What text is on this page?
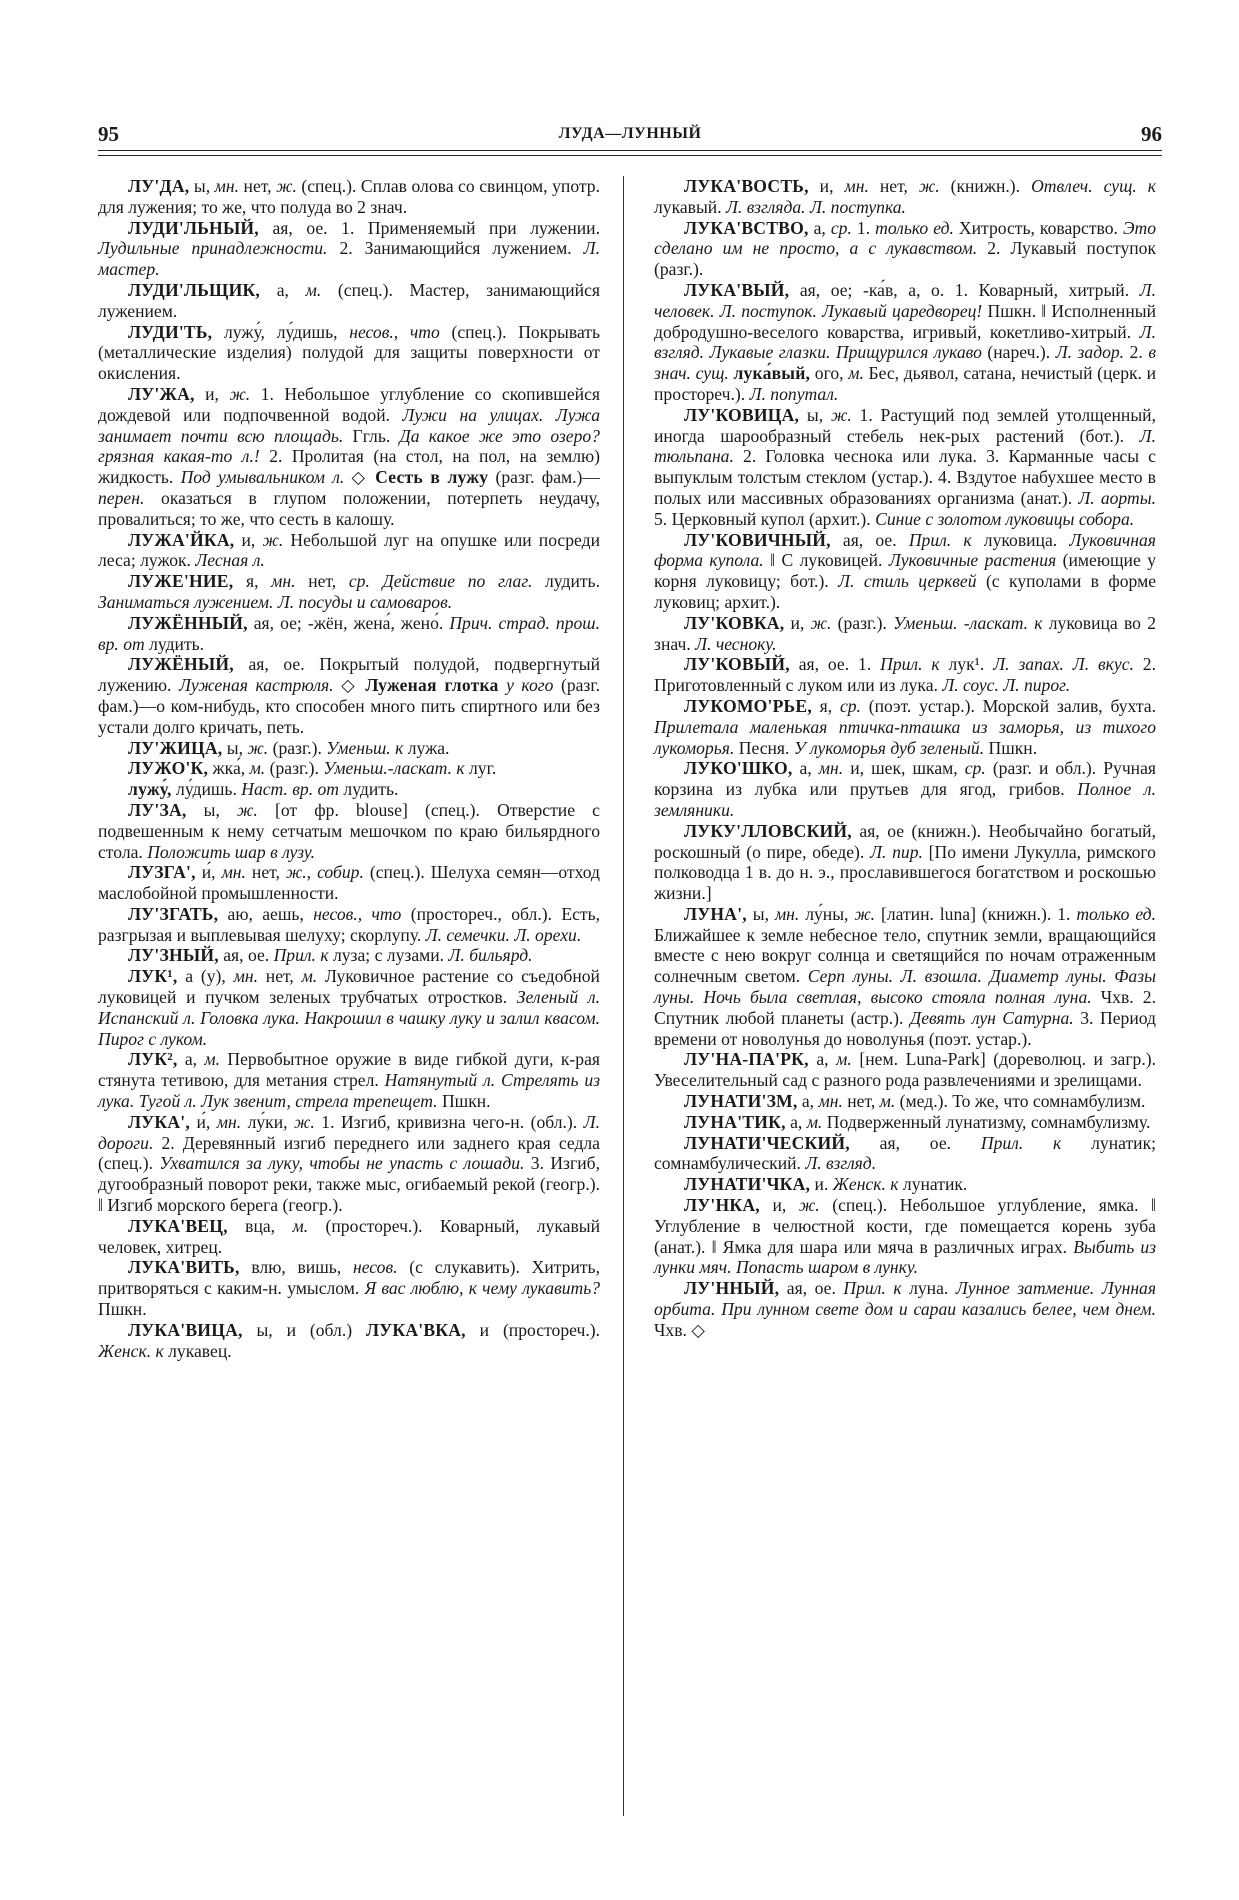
95	ЛУДА—ЛУННЫЙ	96

ЛУ'ДА, ы, мн. нет, ж. (спец.). Сплав олова со свинцом, употр. для лужения; то же, что полуда во 2 знач.

ЛУДИ'ЛЬНЫЙ, ая, ое. 1. Применяемый при лужении. Лудильные принадлежности. 2. Занимающийся лужением. Л. мастер.

ЛУДИ'ЛЬЩИК, а, м. (спец.). Мастер, занимающийся лужением.

ЛУДИ'ТЬ, лужу́, лу́дишь, несов., что (спец.). Покрывать (металлические изделия) полудой для защиты поверхности от окисления.

ЛУ'ЖА, и, ж. 1. Небольшое углубление со скопившейся дождевой или подпочвенной водой. Лужи на улицах. Лужа занимает почти всю площадь. Ггль. Да какое же это озеро? грязная какая-то л.! 2. Пролитая (на стол, на пол, на землю) жидкость. Под умывальником л. ◇ Сесть в лужу (разг. фам.)—перен. оказаться в глупом положении, потерпеть неудачу, провалиться; то же, что сесть в калошу.

ЛУЖА'ЙКА, и, ж. Небольшой луг на опушке или посреди леса; лужок. Лесная л.

ЛУЖЕ'НИЕ, я, мн. нет, ср. Действие по глаг. лудить. Заниматься лужением. Л. посуды и самоваров.

ЛУЖЁННЫЙ, ая, ое; -жён, жена́, жено́. Прич. страд. прош. вр. от лудить.

ЛУЖЁНЫЙ, ая, ое. Покрытый полудой, подвергнутый лужению. Луженая кастрюля. ◇ Луженая глотка у кого (разг. фам.)—о ком-нибудь, кто способен много пить спиртного или без устали долго кричать, петь.

ЛУ'ЖИЦА, ы, ж. (разг.). Уменьш. к лужа.

ЛУЖО'К, жка́, м. (разг.). Уменьш.-ласкат. к луг.

лужу́, лу́дишь. Наст. вр. от лудить.

ЛУ'ЗА, ы, ж. [от фр. blouse] (спец.). Отверстие с подвешенным к нему сетчатым мешочком по краю бильярдного стола. Положить шар в лузу.

ЛУЗГА', и́, мн. нет, ж., собир. (спец.). Шелуха семян—отход маслобойной промышленности.

ЛУ'ЗГАТЬ, аю, аешь, несов., что (простореч., обл.). Есть, разгрызая и выплевывая шелуху; скорлупу. Л. семечки. Л. орехи.

ЛУ'ЗНЫЙ, ая, ое. Прил. к луза; с лузами. Л. бильярд.

ЛУК¹, а (у), мн. нет, м. Луковичное растение со съедобной луковицей и пучком зеленых трубчатых отростков. Зеленый л. Испанский л. Головка лука. Накрошил в чашку луку и залил квасом. Пирог с луком.

ЛУК², а, м. Первобытное оружие в виде гибкой дуги, к-рая стянута тетивою, для метания стрел. Натянутый л. Стрелять из лука. Тугой л. Лук звенит, стрела трепещет. Пшкн.

ЛУКА', и́, мн. лу́ки, ж. 1. Изгиб, кривизна чего-н. (обл.). Л. дороги. 2. Деревянный изгиб переднего или заднего края седла (спец.). Ухватился за луку, чтобы не упасть с лошади. 3. Изгиб, дугообразный поворот реки, также мыс, огибаемый рекой (геогр.). ‖ Изгиб морского берега (геогр.).

ЛУКА'ВЕЦ, вца, м. (простореч.). Коварный, лукавый человек, хитрец.

ЛУКА'ВИТЬ, влю, вишь, несов. (с слукавить). Хитрить, притворяться с каким-н. умыслом. Я вас люблю, к чему лукавить? Пшкн.

ЛУКА'ВИЦА, ы, и (обл.) ЛУКА'ВКА, и (простореч.). Женск. к лукавец.

ЛУКА'ВОСТЬ, и, мн. нет, ж. (книжн.). Отвлеч. сущ. к лукавый. Л. взгляда. Л. поступка.

ЛУКА'ВСТВО, а, ср. 1. только ед. Хитрость, коварство. Это сделано им не просто, а с лукавством. 2. Лукавый поступок (разг.).

ЛУКА'ВЫЙ, ая, ое; -ка́в, а, о. 1. Коварный, хитрый. Л. человек. Л. поступок. Лукавый царедворец! Пшкн. ‖ Исполненный добродушно-веселого коварства, игривый, кокетливо-хитрый. Л. взгляд. Лукавые глазки. Прищурился лукаво (нареч.). Л. задор. 2. в знач. сущ. лука́вый, ого, м. Бес, дьявол, сатана, нечистый (церк. и простореч.). Л. попутал.

ЛУ'КОВИЦА, ы, ж. 1. Растущий под землей утолщенный, иногда шарообразный стебель нек-рых растений (бот.). Л. тюльпана. 2. Головка чеснока или лука. 3. Карманные часы с выпуклым толстым стеклом (устар.). 4. Вздутое набухшее место в полых или массивных образованиях организма (анат.). Л. аорты. 5. Церковный купол (архит.). Синие с золотом луковицы собора.

ЛУ'КОВИЧНЫЙ, ая, ое. Прил. к луковица. Луковичная форма купола. ‖ С луковицей. Луковичные растения (имеющие у корня луковицу; бот.). Л. стиль церквей (с куполами в форме луковиц; архит.).

ЛУ'КОВКА, и, ж. (разг.). Уменьш. -ласкат. к луковица во 2 знач. Л. чесноку.

ЛУ'КОВЫЙ, ая, ое. 1. Прил. к лук¹. Л. запах. Л. вкус. 2. Приготовленный с луком или из лука. Л. соус. Л. пирог.

ЛУКОМО'РЬЕ, я, ср. (поэт. устар.). Морской залив, бухта. Прилетала маленькая птичка-пташка из заморья, из тихого лукоморья. Песня. У лукоморья дуб зеленый. Пшкн.

ЛУКО'ШКО, а, мн. и, шек, шкам, ср. (разг. и обл.). Ручная корзина из лубка или прутьев для ягод, грибов. Полное л. земляники.

ЛУКУ'ЛЛОВСКИЙ, ая, ое (книжн.). Необычайно богатый, роскошный (о пире, обеде). Л. пир. [По имени Лукулла, римского полководца 1 в. до н. э., прославившегося богатством и роскошью жизни.]

ЛУНА', ы, мн. лу́ны, ж. [латин. luna] (книжн.). 1. только ед. Ближайшее к земле небесное тело, спутник земли, вращающийся вместе с нею вокруг солнца и светящийся по ночам отраженным солнечным светом. Серп луны. Л. взошла. Диаметр луны. Фазы луны. Ночь была светлая, высоко стояла полная луна. Чхв. 2. Спутник любой планеты (астр.). Девять лун Сатурна. 3. Период времени от новолунья до новолунья (поэт. устар.).

ЛУ'НА-ПА'РК, а, м. [нем. Luna-Park] (дореволюц. и загр.). Увеселительный сад с разного рода развлечениями и зрелищами.

ЛУНАТИ'ЗМ, а, мн. нет, м. (мед.). То же, что сомнамбулизм.

ЛУНА'ТИК, а, м. Подверженный лунатизму, сомнамбулизму.

ЛУНАТИ'ЧЕСКИЙ, ая, ое. Прил. к лунатик; сомнамбулический. Л. взгляд.

ЛУНАТИ'ЧКА, и. Женск. к лунатик.

ЛУ'НКА, и, ж. (спец.). Небольшое углубление, ямка. ‖ Углубление в челюстной кости, где помещается корень зуба (анат.). ‖ Ямка для шара или мяча в различных играх. Выбить из лунки мяч. Попасть шаром в лунку.

ЛУ'ННЫЙ, ая, ое. Прил. к луна. Лунное затмение. Лунная орбита. При лунном свете дом и сараи казались белее, чем днем. Чхв. ◇
